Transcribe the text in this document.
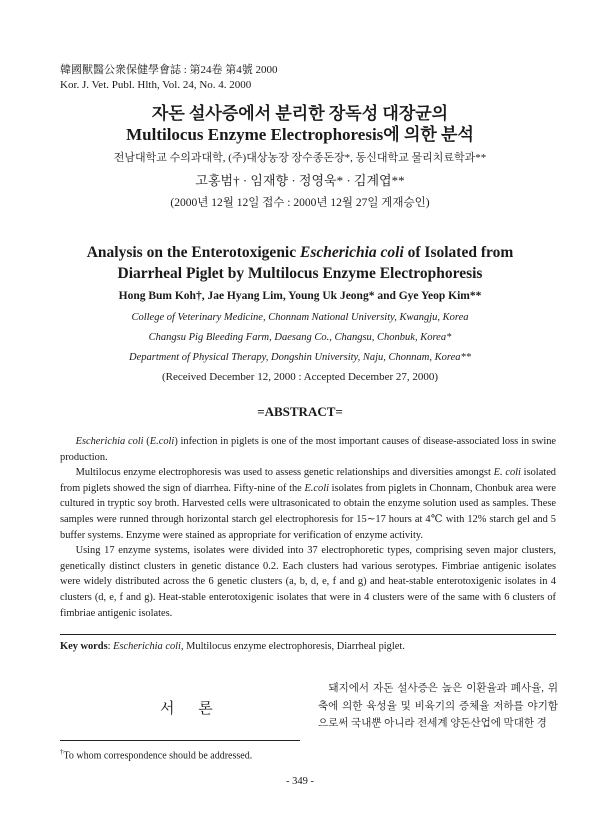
韓國獸醫公衆保健學會誌 : 第24卷 第4號 2000
Kor. J. Vet. Publ. Hlth, Vol. 24, No. 4. 2000
자돈 설사증에서 분리한 장독성 대장균의
Multilocus Enzyme Electrophoresis에 의한 분석
전남대학교 수의과대학, (주)대상농장 장수종돈장*, 동신대학교 물리치료학과**
고홍범† · 임재향 · 정영욱* · 김계엽**
(2000년 12월 12일 접수 : 2000년 12월 27일 게재승인)
Analysis on the Enterotoxigenic Escherichia coli of Isolated from
Diarrheal Piglet by Multilocus Enzyme Electrophoresis
Hong Bum Koh†, Jae Hyang Lim, Young Uk Jeong* and Gye Yeop Kim**
College of Veterinary Medicine, Chonnam National University, Kwangju, Korea
Changsu Pig Bleeding Farm, Daesang Co., Changsu, Chonbuk, Korea*
Department of Physical Therapy, Dongshin University, Naju, Chonnam, Korea**
(Received December 12, 2000 : Accepted December 27, 2000)
=ABSTRACT=

Escherichia coli (E.coli) infection in piglets is one of the most important causes of disease-associated loss in swine production.

Multilocus enzyme electrophoresis was used to assess genetic relationships and diversities amongst E. coli isolated from piglets showed the sign of diarrhea. Fifty-nine of the E.coli isolates from piglets in Chonnam, Chonbuk area were cultured in tryptic soy broth. Harvested cells were ultrasonicated to obtain the enzyme solution used as samples. These samples were runned through horizontal starch gel electrophoresis for 15∼17 hours at 4℃ with 12% starch gel and 5 buffer systems. Enzyme were stained as appropriate for verification of enzyme activity.

Using 17 enzyme systems, isolates were divided into 37 electrophoretic types, comprising seven major clusters, genetically distinct clusters in genetic distance 0.2. Each clusters had various serotypes. Fimbriae antigenic isolates were widely distributed across the 6 genetic clusters (a, b, d, e, f and g) and heat-stable enterotoxigenic isolates in 4 clusters (d, e, f and g). Heat-stable enterotoxigenic isolates that were in 4 clusters were of the same with 6 clusters of fimbriae antigenic isolates.

Key words: Escherichia coli, Multilocus enzyme electrophoresis, Diarrheal piglet.
서 론

돼지에서 자돈 설사증은 높은 이환율과 폐사율, 위축에 의한 육성율 및 비육기의 증체율 저하를 야기함으로써 국내뿐 아니라 전세계 양돈산업에 막대한 경

†To whom correspondence should be addressed.
- 349 -
